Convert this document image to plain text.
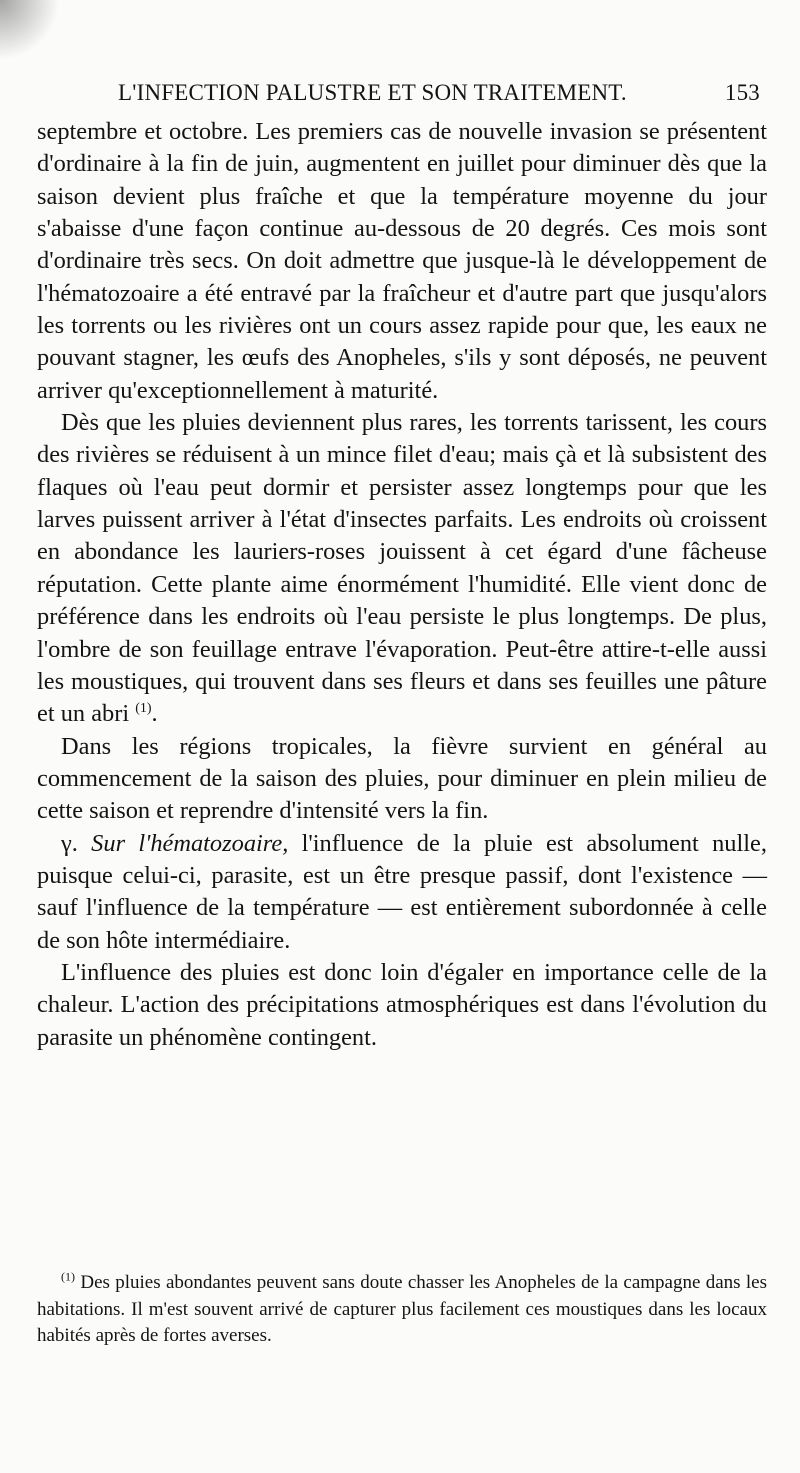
L'INFECTION PALUSTRE ET SON TRAITEMENT.	153

septembre et octobre. Les premiers cas de nouvelle invasion se présentent d'ordinaire à la fin de juin, augmentent en juillet pour diminuer dès que la saison devient plus fraîche et que la température moyenne du jour s'abaisse d'une façon continue au-dessous de 20 degrés. Ces mois sont d'ordinaire très secs. On doit admettre que jusque-là le développement de l'hématozoaire a été entravé par la fraîcheur et d'autre part que jusqu'alors les torrents ou les rivières ont un cours assez rapide pour que, les eaux ne pouvant stagner, les œufs des Anopheles, s'ils y sont déposés, ne peuvent arriver qu'exceptionnellement à maturité.

Dès que les pluies deviennent plus rares, les torrents tarissent, les cours des rivières se réduisent à un mince filet d'eau; mais çà et là subsistent des flaques où l'eau peut dormir et persister assez longtemps pour que les larves puissent arriver à l'état d'insectes parfaits. Les endroits où croissent en abondance les lauriers-roses jouissent à cet égard d'une fâcheuse réputation. Cette plante aime énormément l'humidité. Elle vient donc de préférence dans les endroits où l'eau persiste le plus longtemps. De plus, l'ombre de son feuillage entrave l'évaporation. Peut-être attire-t-elle aussi les moustiques, qui trouvent dans ses fleurs et dans ses feuilles une pâture et un abri $^{(1)}$.

Dans les régions tropicales, la fièvre survient en général au commencement de la saison des pluies, pour diminuer en plein milieu de cette saison et reprendre d'intensité vers la fin.

γ. Sur l'hématozoaire, l'influence de la pluie est absolument nulle, puisque celui-ci, parasite, est un être presque passif, dont l'existence — sauf l'influence de la température — est entièrement subordonnée à celle de son hôte intermédiaire.

L'influence des pluies est donc loin d'égaler en importance celle de la chaleur. L'action des précipitations atmosphériques est dans l'évolution du parasite un phénomène contingent.

$^{(1)}$ Des pluies abondantes peuvent sans doute chasser les Anopheles de la campagne dans les habitations. Il m'est souvent arrivé de capturer plus facilement ces moustiques dans les locaux habités après de fortes averses.
